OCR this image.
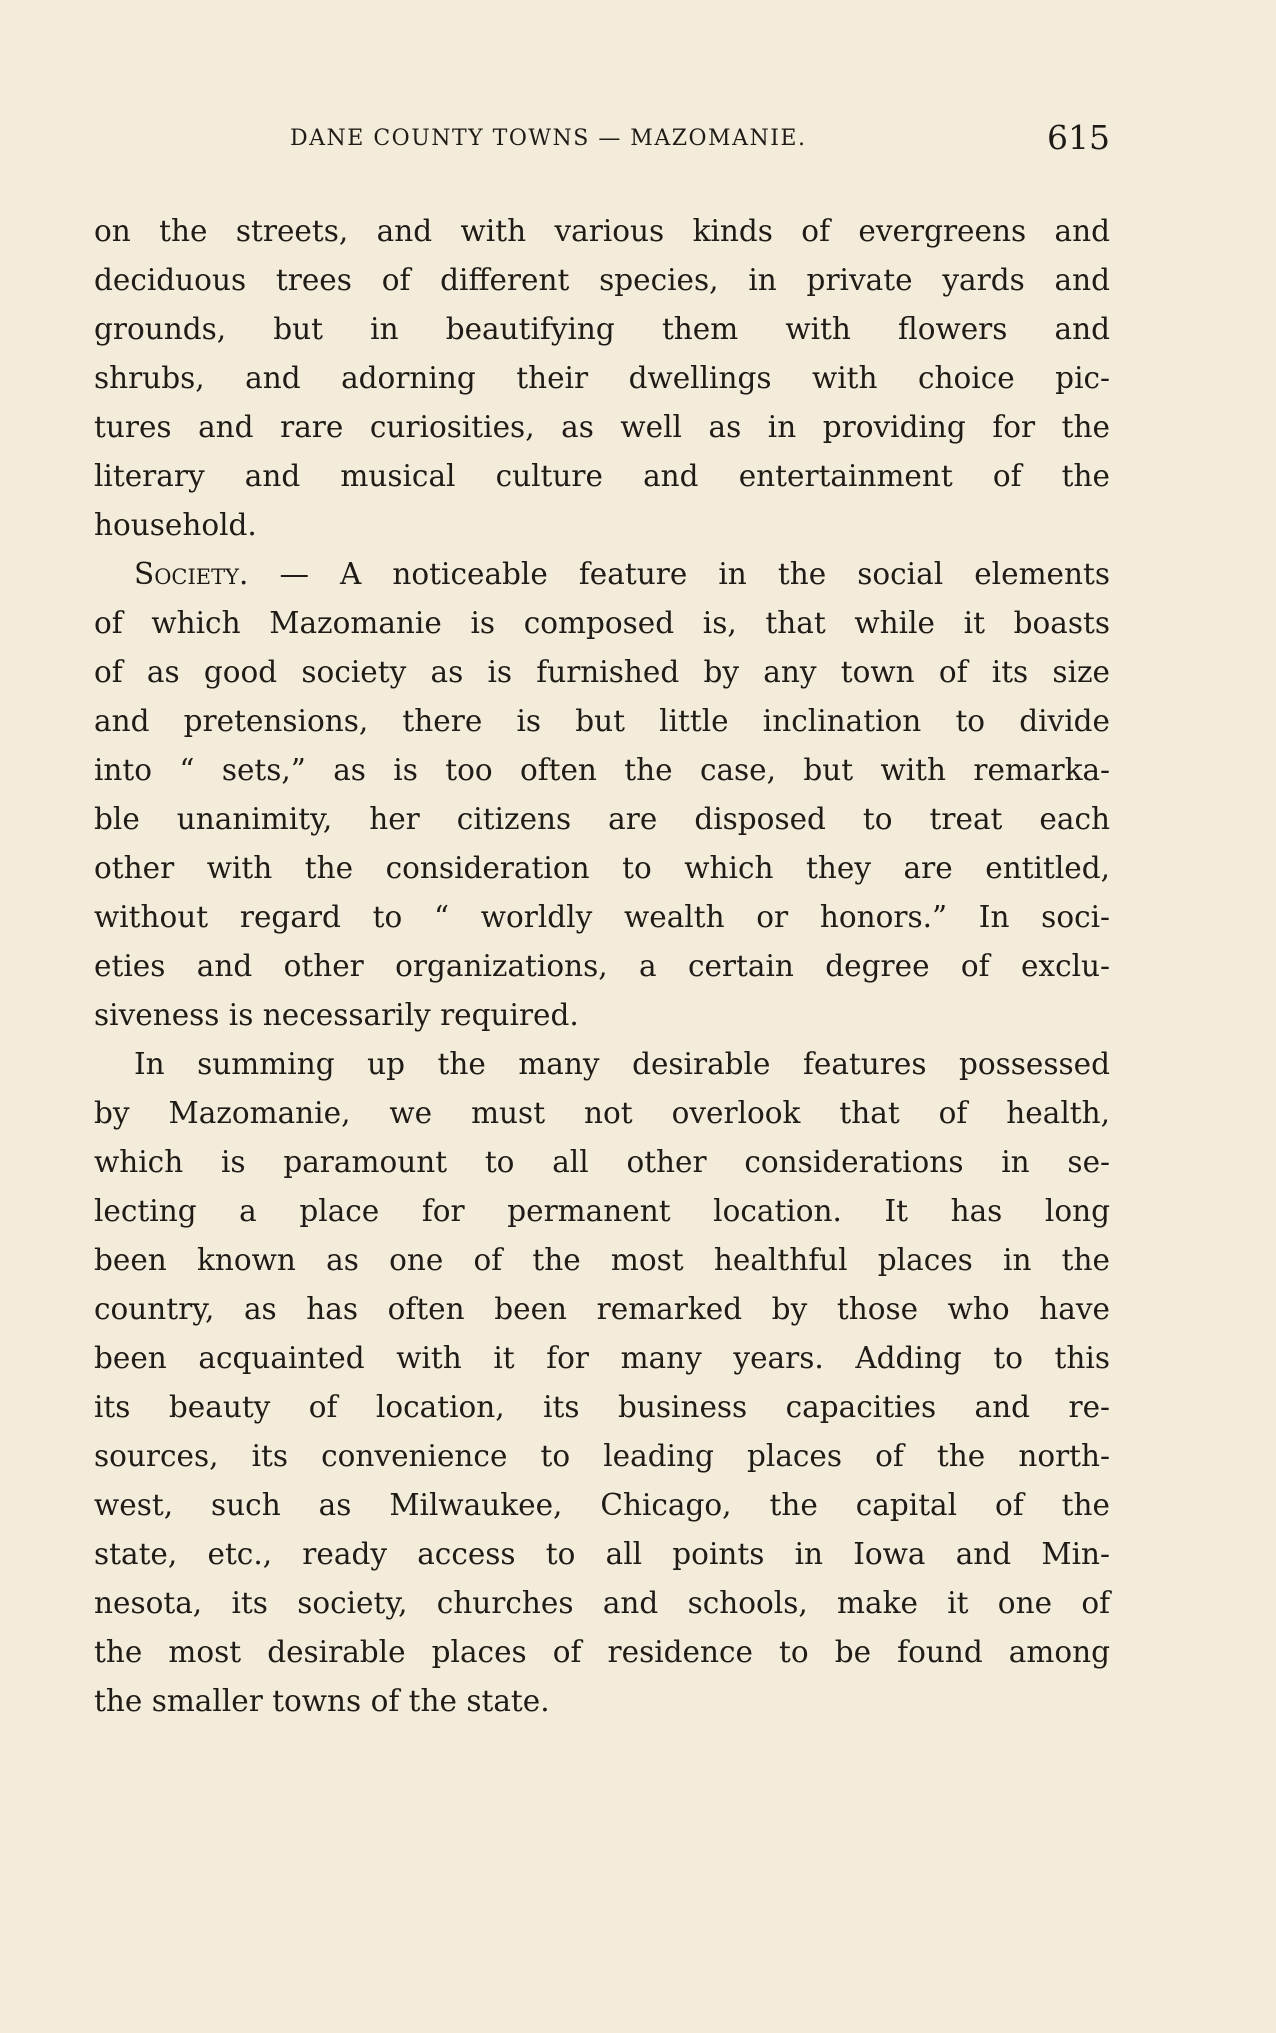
DANE COUNTY TOWNS — MAZOMANIE.	615
on the streets, and with various kinds of evergreens and
deciduous trees of different species, in private yards and
grounds, but in beautifying them with flowers and
shrubs, and adorning their dwellings with choice pic-
tures and rare curiosities, as well as in providing for the
literary and musical culture and entertainment of the
household.
Society. — A noticeable feature in the social elements
of which Mazomanie is composed is, that while it boasts
of as good society as is furnished by any town of its size
and pretensions, there is but little inclination to divide
into “ sets,” as is too often the case, but with remarka-
ble unanimity, her citizens are disposed to treat each
other with the consideration to which they are entitled,
without regard to “ worldly wealth or honors.” In soci-
eties and other organizations, a certain degree of exclu-
siveness is necessarily required.
In summing up the many desirable features possessed
by Mazomanie, we must not overlook that of health,
which is paramount to all other considerations in se-
lecting a place for permanent location. It has long
been known as one of the most healthful places in the
country, as has often been remarked by those who have
been acquainted with it for many years. Adding to this
its beauty of location, its business capacities and re-
sources, its convenience to leading places of the north-
west, such as Milwaukee, Chicago, the capital of the
state, etc., ready access to all points in Iowa and Min-
nesota, its society, churches and schools, make it one of
the most desirable places of residence to be found among
the smaller towns of the state.
